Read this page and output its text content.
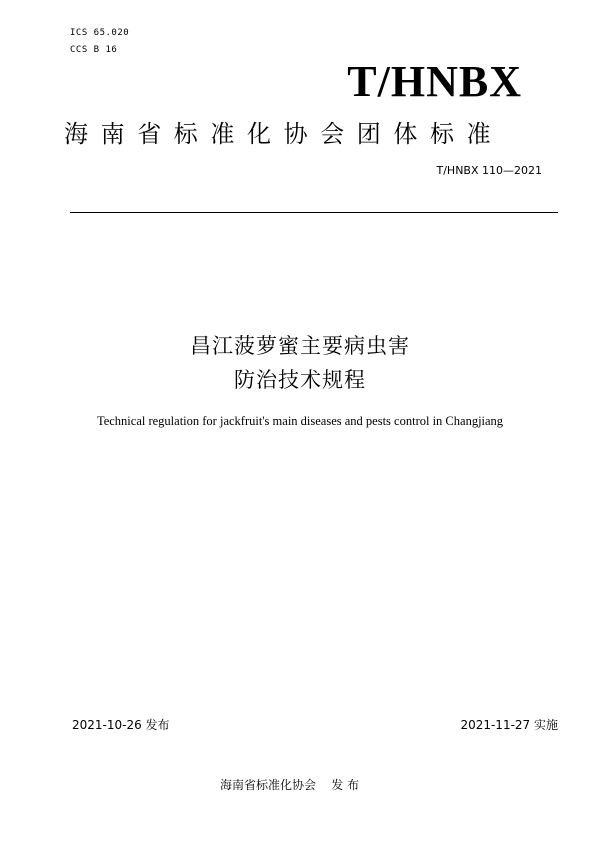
ICS 65.020
CCS B 16
T/HNBX
海南省标准化协会团体标准
T/HNBX 110—2021
昌江菠萝蜜主要病虫害
防治技术规程
Technical regulation for jackfruit's main diseases and pests control in Changjiang
2021-10-26 发布	2021-11-27 实施
海南省标准化协会    发 布
